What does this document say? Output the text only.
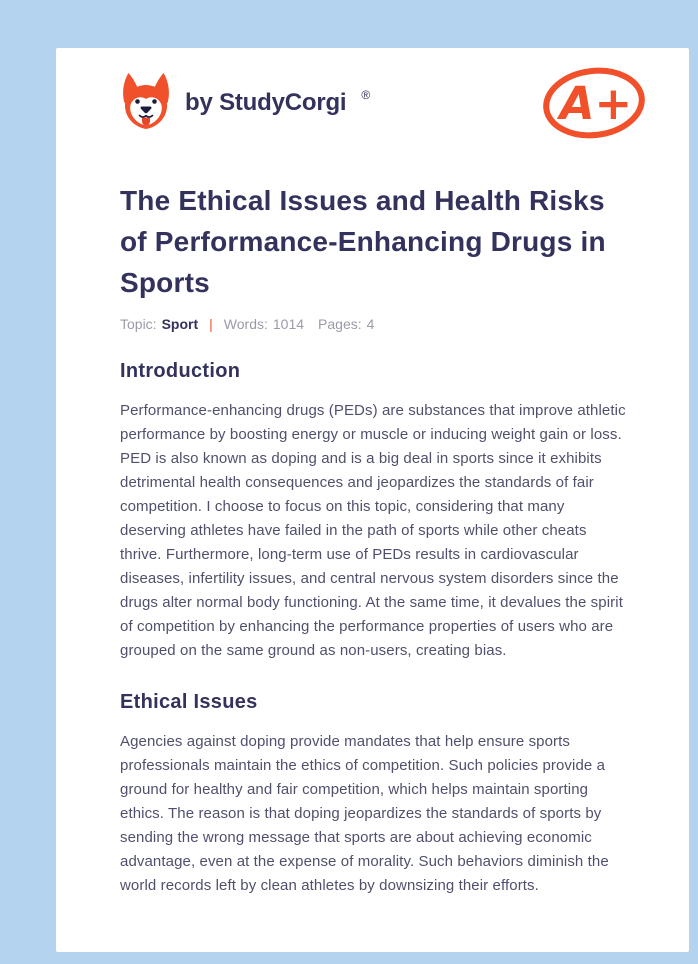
by StudyCorgi ®	A+
The Ethical Issues and Health Risks of Performance-Enhancing Drugs in Sports
Topic: Sport | Words: 1014 Pages: 4
Introduction

Performance-enhancing drugs (PEDs) are substances that improve athletic performance by boosting energy or muscle or inducing weight gain or loss. PED is also known as doping and is a big deal in sports since it exhibits detrimental health consequences and jeopardizes the standards of fair competition. I choose to focus on this topic, considering that many deserving athletes have failed in the path of sports while other cheats thrive. Furthermore, long-term use of PEDs results in cardiovascular diseases, infertility issues, and central nervous system disorders since the drugs alter normal body functioning. At the same time, it devalues the spirit of competition by enhancing the performance properties of users who are grouped on the same ground as non-users, creating bias.

Ethical Issues

Agencies against doping provide mandates that help ensure sports professionals maintain the ethics of competition. Such policies provide a ground for healthy and fair competition, which helps maintain sporting ethics. The reason is that doping jeopardizes the standards of sports by sending the wrong message that sports are about achieving economic advantage, even at the expense of morality. Such behaviors diminish the world records left by clean athletes by downsizing their efforts.
